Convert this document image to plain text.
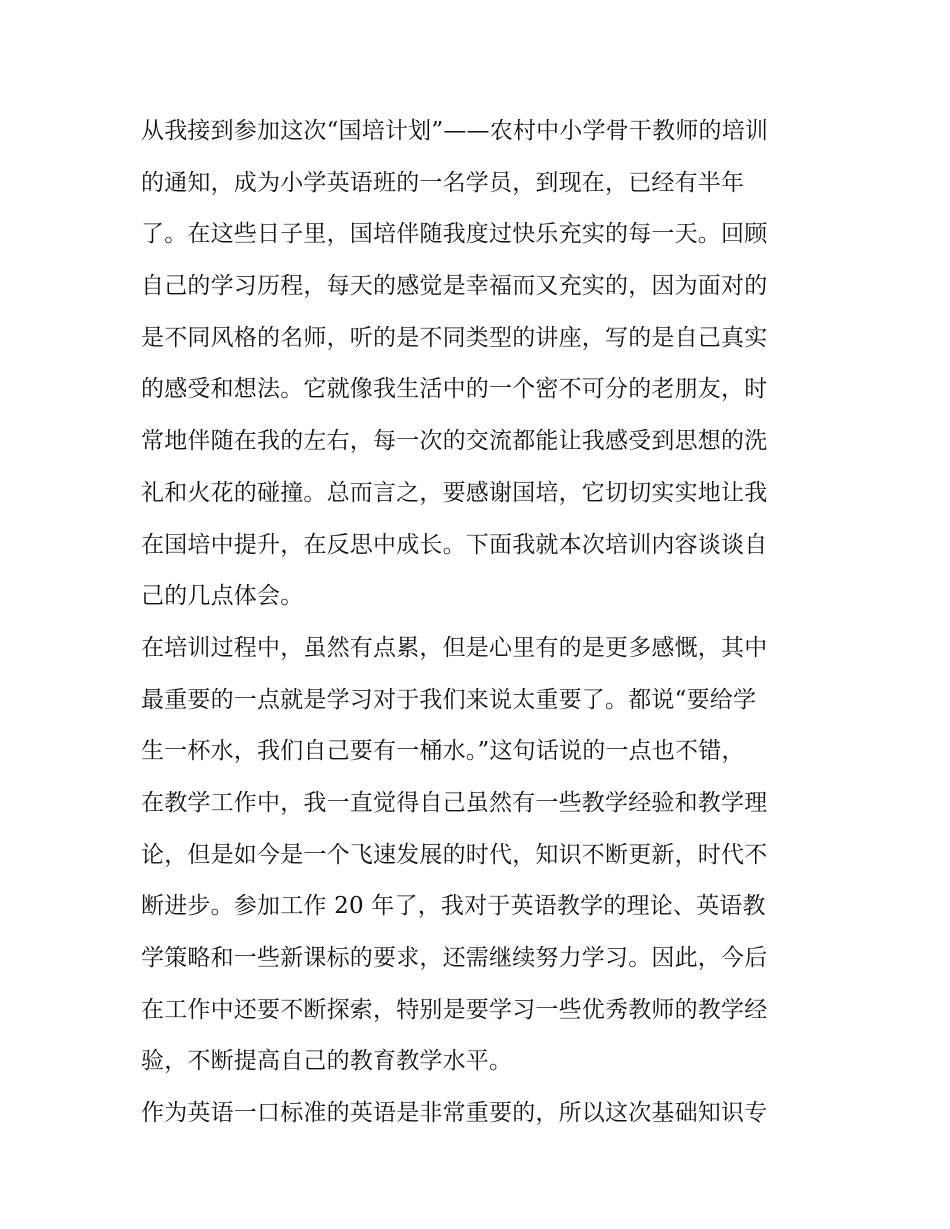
从我接到参加这次“国培计划”——农村中小学骨干教师的培训
的通知，成为小学英语班的一名学员，到现在，已经有半年
了。在这些日子里，国培伴随我度过快乐充实的每一天。回顾
自己的学习历程，每天的感觉是幸福而又充实的，因为面对的
是不同风格的名师，听的是不同类型的讲座，写的是自己真实
的感受和想法。它就像我生活中的一个密不可分的老朋友，时
常地伴随在我的左右，每一次的交流都能让我感受到思想的洗
礼和火花的碰撞。总而言之，要感谢国培，它切切实实地让我
在国培中提升，在反思中成长。下面我就本次培训内容谈谈自
己的几点体会。
在培训过程中，虽然有点累，但是心里有的是更多感慨，其中
最重要的一点就是学习对于我们来说太重要了。都说“要给学
生一杯水，我们自己要有一桶水。”这句话说的一点也不错，
在教学工作中，我一直觉得自己虽然有一些教学经验和教学理
论，但是如今是一个飞速发展的时代，知识不断更新，时代不
断进步。参加工作 20 年了，我对于英语教学的理论、英语教
学策略和一些新课标的要求，还需继续努力学习。因此，今后
在工作中还要不断探索，特别是要学习一些优秀教师的教学经
验，不断提高自己的教育教学水平。
作为英语一口标准的英语是非常重要的，所以这次基础知识专
